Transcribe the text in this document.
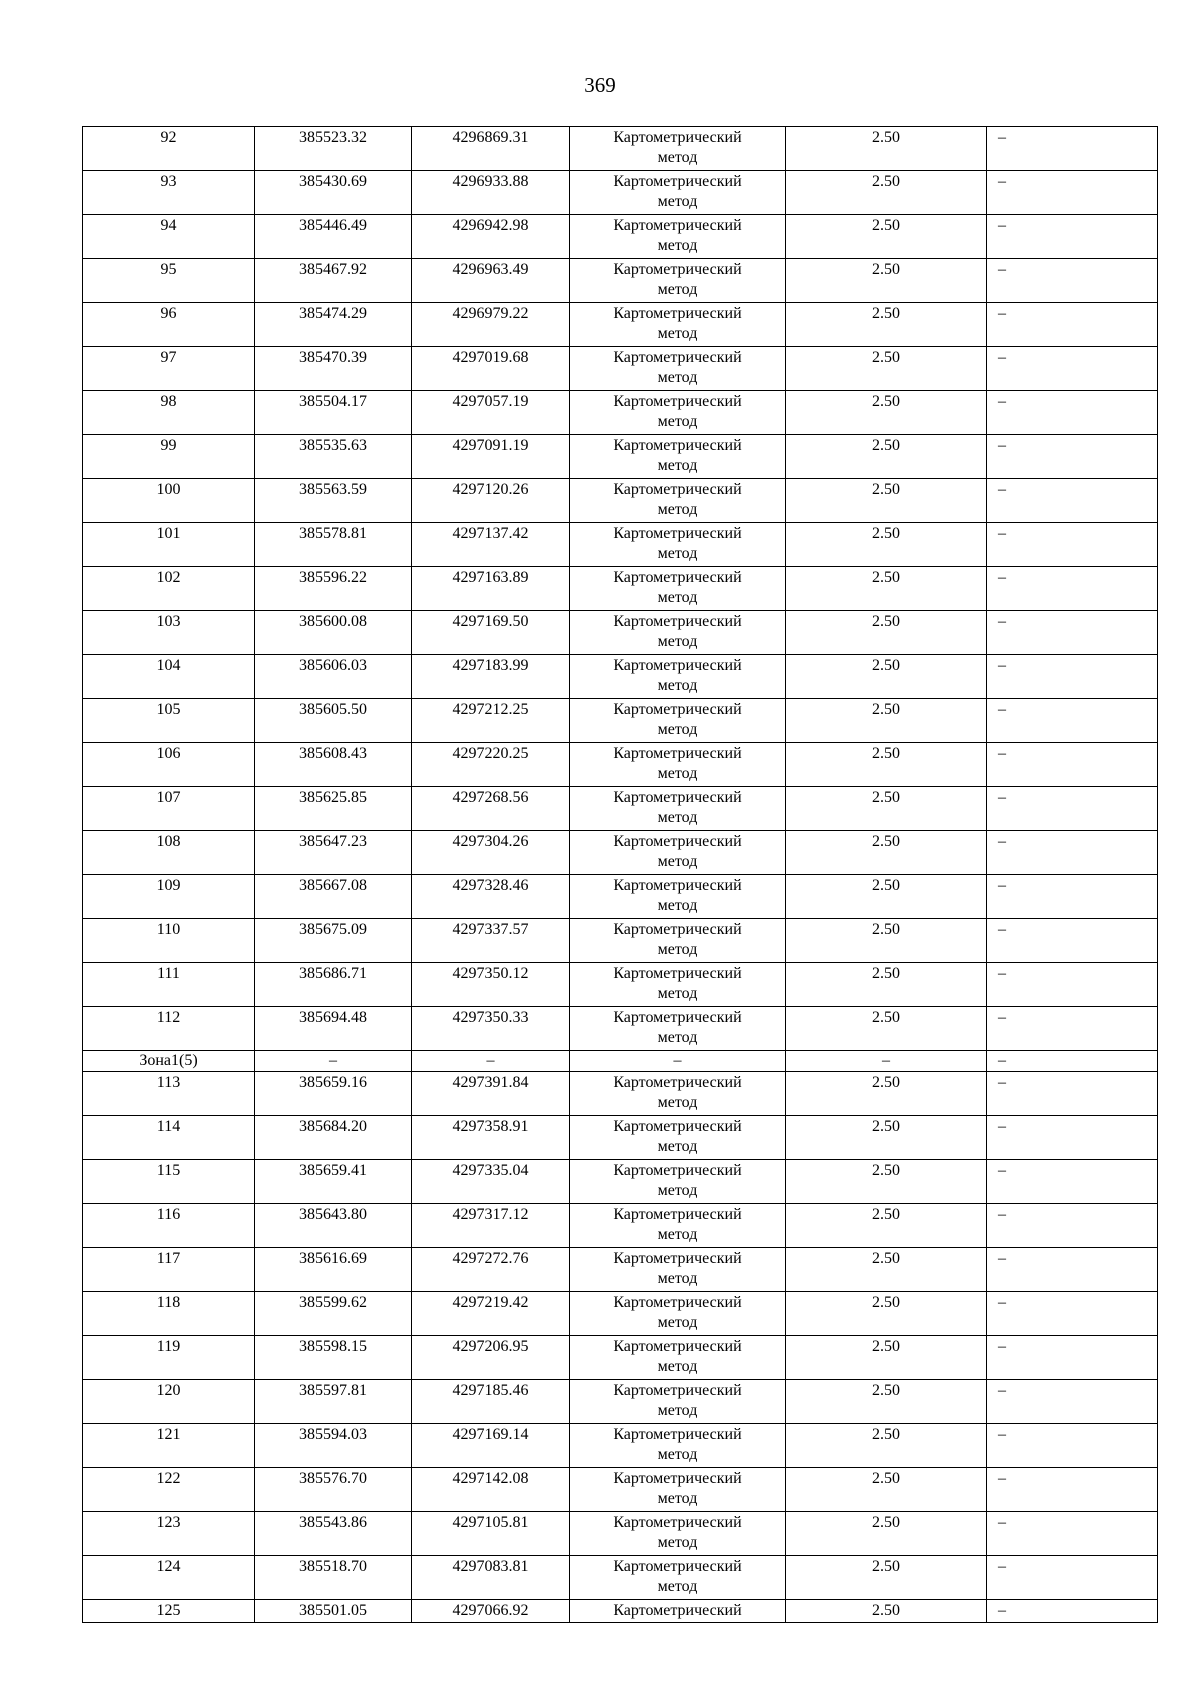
369
92	385523.32	4296869.31	Картометрический
метод	2.50	–
93	385430.69	4296933.88	Картометрический
метод	2.50	–
94	385446.49	4296942.98	Картометрический
метод	2.50	–
95	385467.92	4296963.49	Картометрический
метод	2.50	–
96	385474.29	4296979.22	Картометрический
метод	2.50	–
97	385470.39	4297019.68	Картометрический
метод	2.50	–
98	385504.17	4297057.19	Картометрический
метод	2.50	–
99	385535.63	4297091.19	Картометрический
метод	2.50	–
100	385563.59	4297120.26	Картометрический
метод	2.50	–
101	385578.81	4297137.42	Картометрический
метод	2.50	–
102	385596.22	4297163.89	Картометрический
метод	2.50	–
103	385600.08	4297169.50	Картометрический
метод	2.50	–
104	385606.03	4297183.99	Картометрический
метод	2.50	–
105	385605.50	4297212.25	Картометрический
метод	2.50	–
106	385608.43	4297220.25	Картометрический
метод	2.50	–
107	385625.85	4297268.56	Картометрический
метод	2.50	–
108	385647.23	4297304.26	Картометрический
метод	2.50	–
109	385667.08	4297328.46	Картометрический
метод	2.50	–
110	385675.09	4297337.57	Картометрический
метод	2.50	–
111	385686.71	4297350.12	Картометрический
метод	2.50	–
112	385694.48	4297350.33	Картометрический
метод	2.50	–
Зона1(5)	–	–	–	–	–
113	385659.16	4297391.84	Картометрический
метод	2.50	–
114	385684.20	4297358.91	Картометрический
метод	2.50	–
115	385659.41	4297335.04	Картометрический
метод	2.50	–
116	385643.80	4297317.12	Картометрический
метод	2.50	–
117	385616.69	4297272.76	Картометрический
метод	2.50	–
118	385599.62	4297219.42	Картометрический
метод	2.50	–
119	385598.15	4297206.95	Картометрический
метод	2.50	–
120	385597.81	4297185.46	Картометрический
метод	2.50	–
121	385594.03	4297169.14	Картометрический
метод	2.50	–
122	385576.70	4297142.08	Картометрический
метод	2.50	–
123	385543.86	4297105.81	Картометрический
метод	2.50	–
124	385518.70	4297083.81	Картометрический
метод	2.50	–
125	385501.05	4297066.92	Картометрический	2.50	–
